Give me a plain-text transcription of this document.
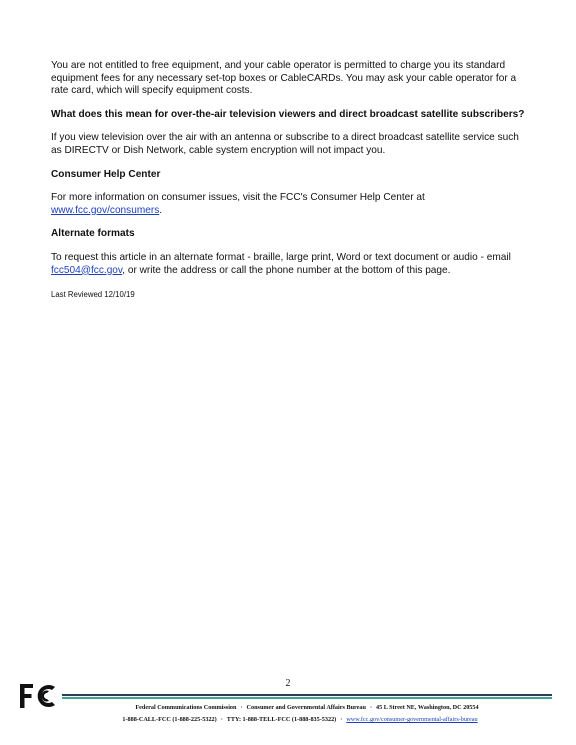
You are not entitled to free equipment, and your cable operator is permitted to charge you its standard equipment fees for any necessary set-top boxes or CableCARDs. You may ask your cable operator for a rate card, which will specify equipment costs.

What does this mean for over-the-air television viewers and direct broadcast satellite subscribers?

If you view television over the air with an antenna or subscribe to a direct broadcast satellite service such as DIRECTV or Dish Network, cable system encryption will not impact you.

Consumer Help Center

For more information on consumer issues, visit the FCC's Consumer Help Center at www.fcc.gov/consumers.

Alternate formats

To request this article in an alternate format - braille, large print, Word or text document or audio - email fcc504@fcc.gov, or write the address or call the phone number at the bottom of this page.

Last Reviewed 12/10/19

2
Federal Communications Commission · Consumer and Governmental Affairs Bureau · 45 L Street NE, Washington, DC 20554
1-888-CALL-FCC (1-888-225-5322) · TTY: 1-888-TELL-FCC (1-888-835-5322) · www.fcc.gov/consumer-governmental-affairs-bureau
